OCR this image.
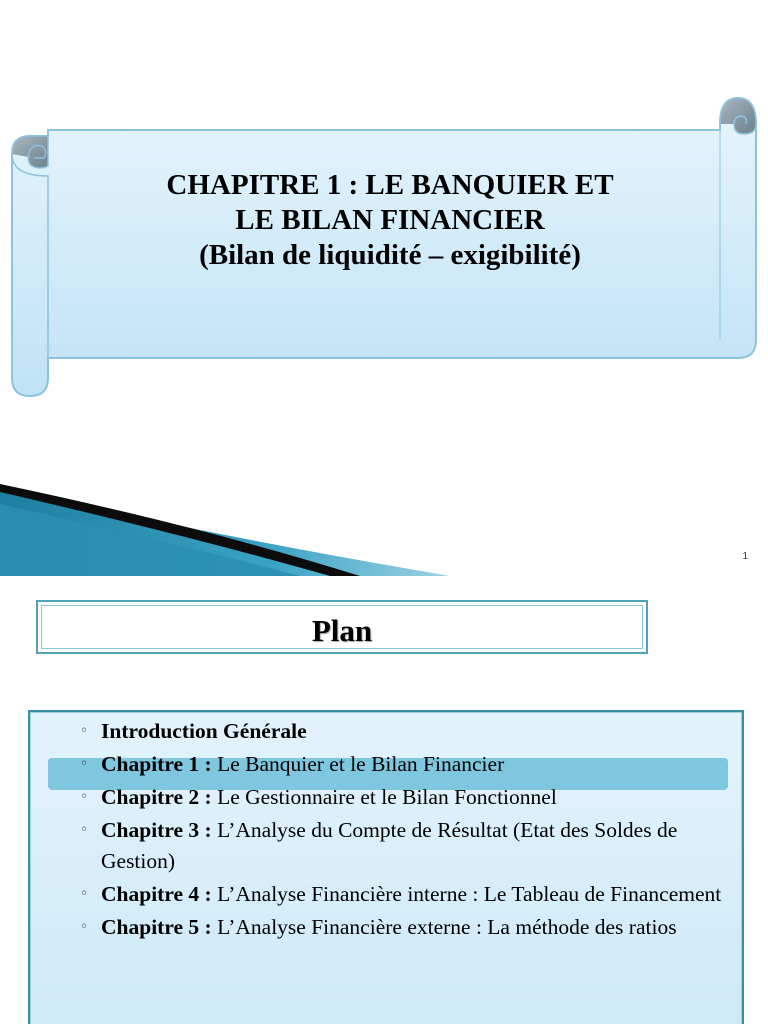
CHAPITRE 1 : LE BANQUIER ET
LE BILAN FINANCIER
(Bilan de liquidité – exigibilité)
1
Plan
◦ Introduction Générale
◦ Chapitre 1 : Le Banquier et le Bilan Financier
◦ Chapitre 2 : Le Gestionnaire et le Bilan Fonctionnel
◦ Chapitre 3 : L’Analyse du Compte de Résultat (Etat des Soldes de Gestion)
◦ Chapitre 4 : L’Analyse Financière interne : Le Tableau de Financement
◦ Chapitre 5 : L’Analyse Financière externe : La méthode des ratios
